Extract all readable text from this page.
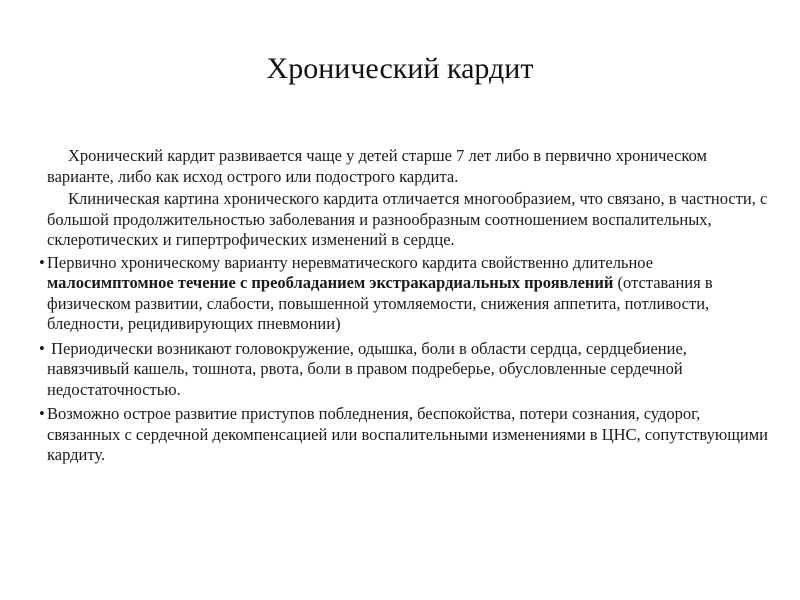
Хронический кардит

Хронический кардит развивается чаще у детей старше 7 лет либо в первично хроническом варианте, либо как исход острого или подострого кардита.

Клиническая картина хронического кардита отличается многообразием, что связано, в частности, с большой продолжительностью заболевания и разнообразным соотношением воспалительных, склеротических и гипертрофических изменений в сердце.

• Первично хроническому варианту неревматического кардита свойственно длительное малосимптомное течение с преобладанием экстракардиальных проявлений (отставания в физическом развитии, слабости, повышенной утомляемости, снижения аппетита, потливости, бледности, рецидивирующих пневмонии)

• Периодически возникают головокружение, одышка, боли в области сердца, сердцебиение, навязчивый кашель, тошнота, рвота, боли в правом подреберье, обусловленные сердечной недостаточностью.

• Возможно острое развитие приступов побледнения, беспокойства, потери сознания, судорог, связанных с сердечной декомпенсацией или воспалительными изменениями в ЦНС, сопутствующими кардиту.
